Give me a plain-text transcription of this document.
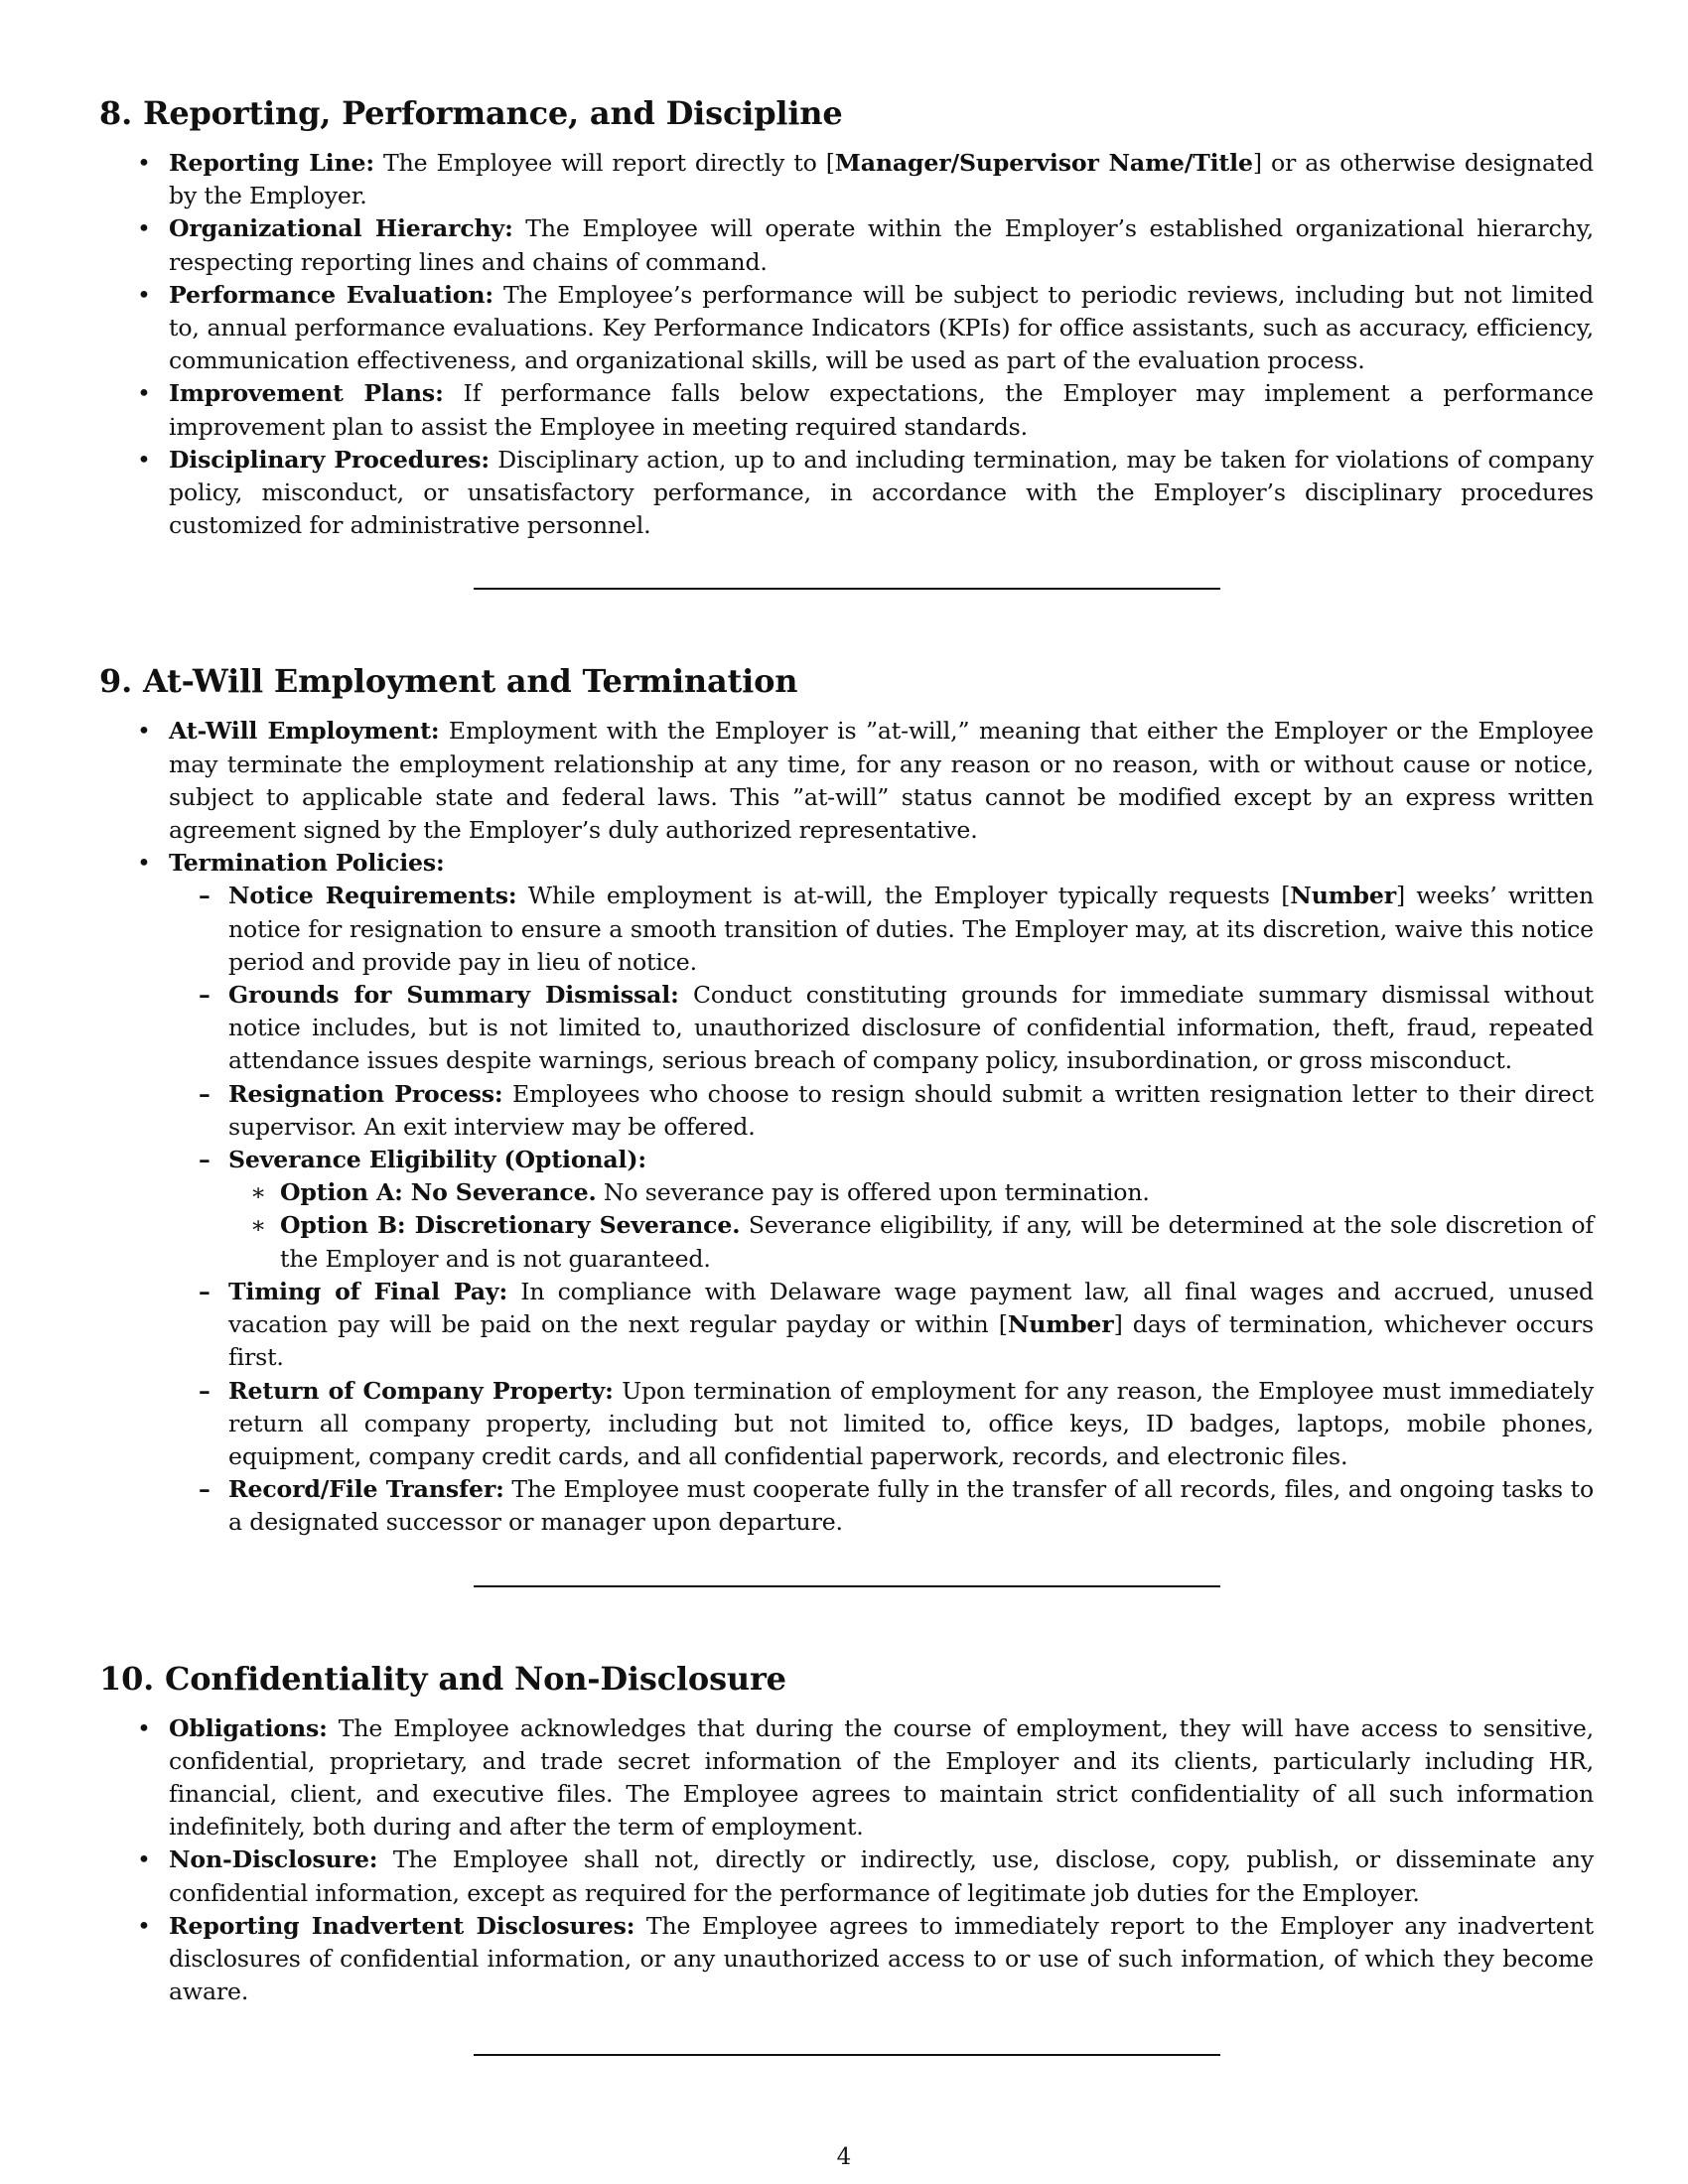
8. Reporting, Performance, and Discipline
• Reporting Line: The Employee will report directly to [Manager/Supervisor Name/Title] or as otherwise designated by the Employer.
• Organizational Hierarchy: The Employee will operate within the Employer’s established organizational hierarchy, respecting reporting lines and chains of command.
• Performance Evaluation: The Employee’s performance will be subject to periodic reviews, including but not limited to, annual performance evaluations. Key Performance Indicators (KPIs) for office assistants, such as accuracy, efficiency, communication effectiveness, and organizational skills, will be used as part of the evaluation process.
• Improvement Plans: If performance falls below expectations, the Employer may implement a performance improvement plan to assist the Employee in meeting required standards.
• Disciplinary Procedures: Disciplinary action, up to and including termination, may be taken for violations of company policy, misconduct, or unsatisfactory performance, in accordance with the Employer’s disciplinary procedures customized for administrative personnel.
9. At-Will Employment and Termination
• At-Will Employment: Employment with the Employer is ”at-will,” meaning that either the Employer or the Employee may terminate the employment relationship at any time, for any reason or no reason, with or without cause or notice, subject to applicable state and federal laws. This ”at-will” status cannot be modified except by an express written agreement signed by the Employer’s duly authorized representative.
• Termination Policies:
– Notice Requirements: While employment is at-will, the Employer typically requests [Number] weeks’ written notice for resignation to ensure a smooth transition of duties. The Employer may, at its discretion, waive this notice period and provide pay in lieu of notice.
– Grounds for Summary Dismissal: Conduct constituting grounds for immediate summary dismissal without notice includes, but is not limited to, unauthorized disclosure of confidential information, theft, fraud, repeated attendance issues despite warnings, serious breach of company policy, insubordination, or gross misconduct.
– Resignation Process: Employees who choose to resign should submit a written resignation letter to their direct supervisor. An exit interview may be offered.
– Severance Eligibility (Optional):
∗ Option A: No Severance. No severance pay is offered upon termination.
∗ Option B: Discretionary Severance. Severance eligibility, if any, will be determined at the sole discretion of the Employer and is not guaranteed.
– Timing of Final Pay: In compliance with Delaware wage payment law, all final wages and accrued, unused vacation pay will be paid on the next regular payday or within [Number] days of termination, whichever occurs first.
– Return of Company Property: Upon termination of employment for any reason, the Employee must immediately return all company property, including but not limited to, office keys, ID badges, laptops, mobile phones, equipment, company credit cards, and all confidential paperwork, records, and electronic files.
– Record/File Transfer: The Employee must cooperate fully in the transfer of all records, files, and ongoing tasks to a designated successor or manager upon departure.
10. Confidentiality and Non-Disclosure
• Obligations: The Employee acknowledges that during the course of employment, they will have access to sensitive, confidential, proprietary, and trade secret information of the Employer and its clients, particularly including HR, financial, client, and executive files. The Employee agrees to maintain strict confidentiality of all such information indefinitely, both during and after the term of employment.
• Non-Disclosure: The Employee shall not, directly or indirectly, use, disclose, copy, publish, or disseminate any confidential information, except as required for the performance of legitimate job duties for the Employer.
• Reporting Inadvertent Disclosures: The Employee agrees to immediately report to the Employer any inadvertent disclosures of confidential information, or any unauthorized access to or use of such information, of which they become aware.
4
